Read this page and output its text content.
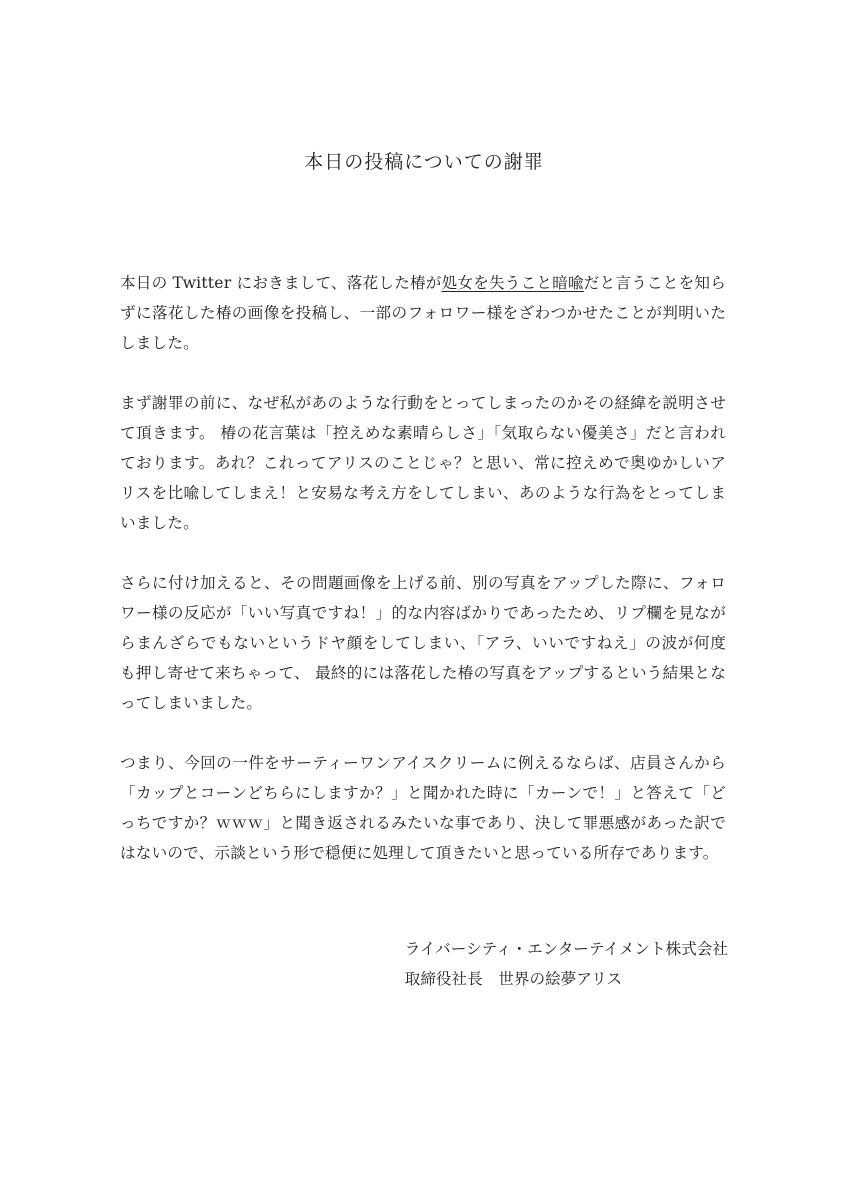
本日の投稿についての謝罪

本日の Twitter におきまして、落花した椿が処女を失うこと暗喩だと言うことを知らずに落花した椿の画像を投稿し、一部のフォロワー様をざわつかせたことが判明いたしました。

まず謝罪の前に、なぜ私があのような行動をとってしまったのかその経緯を説明させて頂きます。 椿の花言葉は「控えめな素晴らしさ」「気取らない優美さ」だと言われております。あれ？これってアリスのことじゃ？と思い、常に控えめで奥ゆかしいアリスを比喩してしまえ！と安易な考え方をしてしまい、あのような行為をとってしまいました。

さらに付け加えると、その問題画像を上げる前、別の写真をアップした際に、フォロワー様の反応が「いい写真ですね！」的な内容ばかりであったため、リプ欄を見ながらまんざらでもないというドヤ顔をしてしまい、「アラ、いいですねえ」の波が何度も押し寄せて来ちゃって、 最終的には落花した椿の写真をアップするという結果となってしまいました。

つまり、今回の一件をサーティーワンアイスクリームに例えるならば、店員さんから「カップとコーンどちらにしますか？」と聞かれた時に「カーンで！」と答えて「どっちですか？ｗｗｗ」と聞き返されるみたいな事であり、決して罪悪感があった訳ではないので、示談という形で穏便に処理して頂きたいと思っている所存であります。

ライバーシティ・エンターテイメント株式会社
取締役社長　世界の絵夢アリス
